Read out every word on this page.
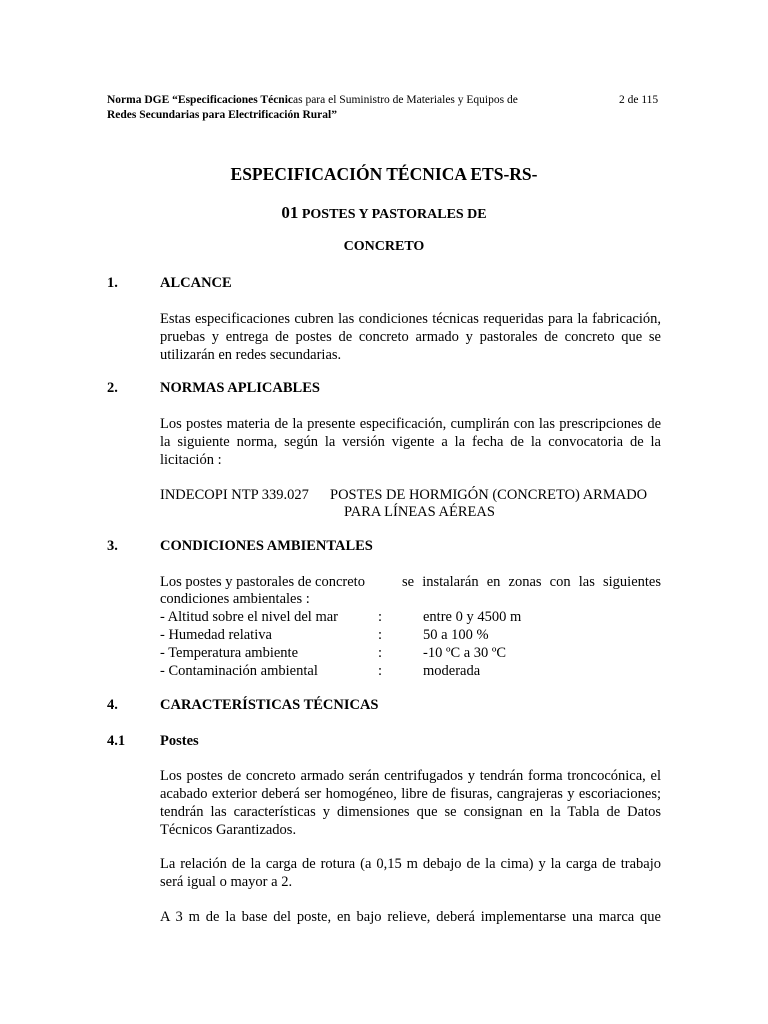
Norma DGE “Especificaciones Técnicas para el Suministro de Materiales y Equipos de
Redes Secundarias para Electrificación Rural”
2 de 115
ESPECIFICACIÓN TÉCNICA ETS-RS-
01 POSTES Y PASTORALES DE
CONCRETO
1.	ALCANCE
Estas especificaciones cubren las condiciones técnicas requeridas para la fabricación, pruebas y entrega de postes de concreto armado y pastorales de concreto que se utilizarán en redes secundarias.
2.	NORMAS APLICABLES
Los postes materia de la presente especificación, cumplirán con las prescripciones de la siguiente norma, según la versión vigente a la fecha de la convocatoria de la licitación :
INDECOPI NTP 339.027 POSTES DE HORMIGÓN (CONCRETO) ARMADO
PARA LÍNEAS AÉREAS
3.	CONDICIONES AMBIENTALES
Los postes y pastorales de concreto	se instalarán en zonas con las siguientes
condiciones ambientales :
- Altitud sobre el nivel del mar	:	entre 0 y 4500 m
- Humedad relativa	:	50 a 100 %
- Temperatura ambiente	:	-10 ºC a 30 ºC
- Contaminación ambiental	:	moderada
4.	CARACTERÍSTICAS TÉCNICAS
4.1 Postes
Los postes de concreto armado serán centrifugados y tendrán forma troncocónica, el acabado exterior deberá ser homogéneo, libre de fisuras, cangrajeras y escoriaciones; tendrán las características y dimensiones que se consignan en la Tabla de Datos Técnicos Garantizados.
La relación de la carga de rotura (a 0,15 m debajo de la cima) y la carga de trabajo será igual o mayor a 2.
A 3 m de la base del poste, en bajo relieve, deberá implementarse una marca que
